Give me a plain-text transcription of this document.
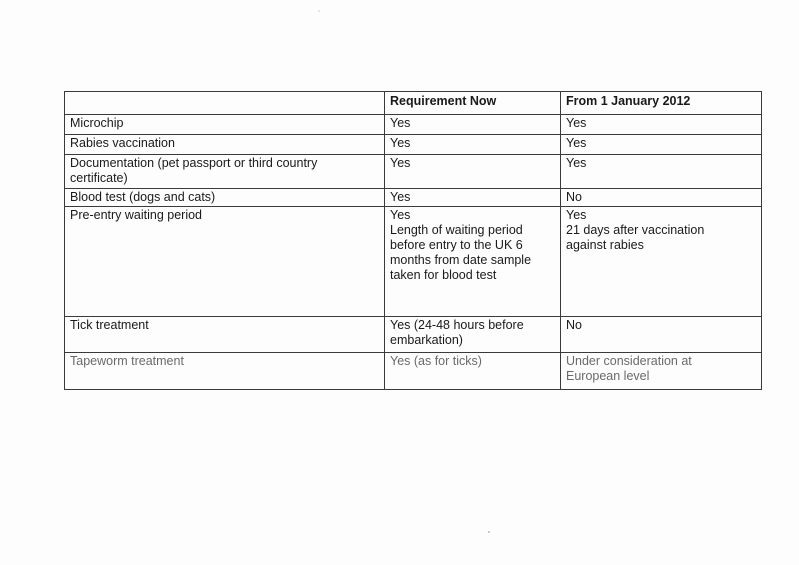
	Requirement Now	From 1 January 2012

Microchip	Yes	Yes

Rabies vaccination	Yes	Yes

Documentation (pet passport or third country
certificate)	Yes	Yes

Blood test (dogs and cats)	Yes	No

Pre-entry waiting period	Yes
Length of waiting period
before entry to the UK 6
months from date sample
taken for blood test	Yes
21 days after vaccination
against rabies

Tick treatment	Yes (24-48 hours before
embarkation)	No

Tapeworm treatment	Yes (as for ticks)	Under consideration at
European level
